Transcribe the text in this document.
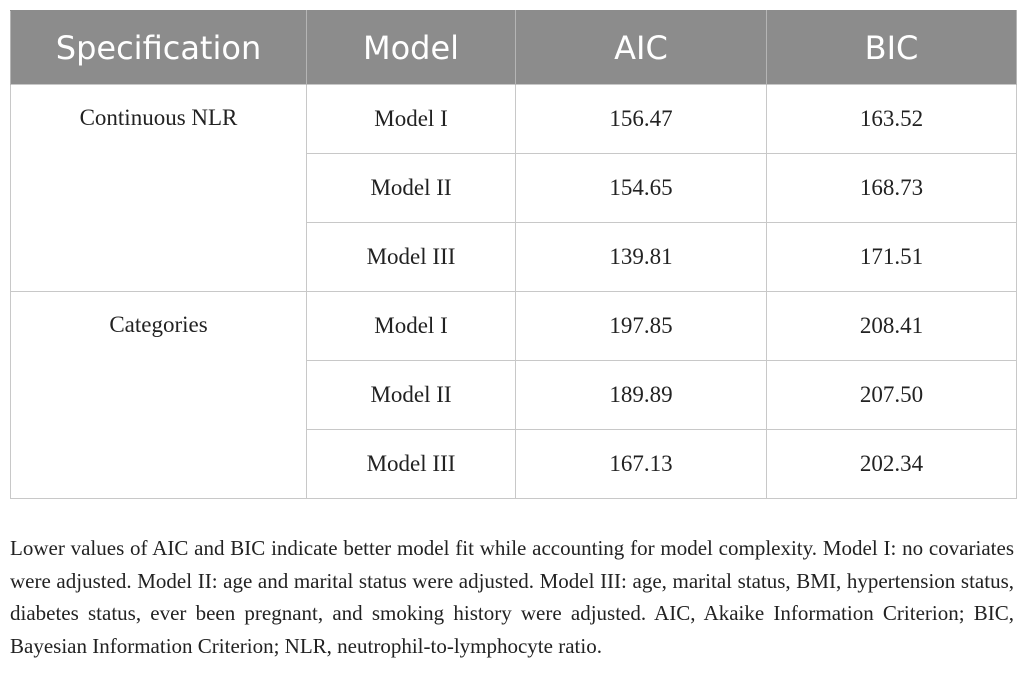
Specification	Model	AIC	BIC
Continuous NLR	Model I	156.47	163.52
	Model II	154.65	168.73
	Model III	139.81	171.51
Categories	Model I	197.85	208.41
	Model II	189.89	207.50
	Model III	167.13	202.34

Lower values of AIC and BIC indicate better model fit while accounting for model complexity. Model I: no covariates were adjusted. Model II: age and marital status were adjusted. Model III: age, marital status, BMI, hypertension status, diabetes status, ever been pregnant, and smoking history were adjusted. AIC, Akaike Information Criterion; BIC, Bayesian Information Criterion; NLR, neutrophil-to-lymphocyte ratio.
